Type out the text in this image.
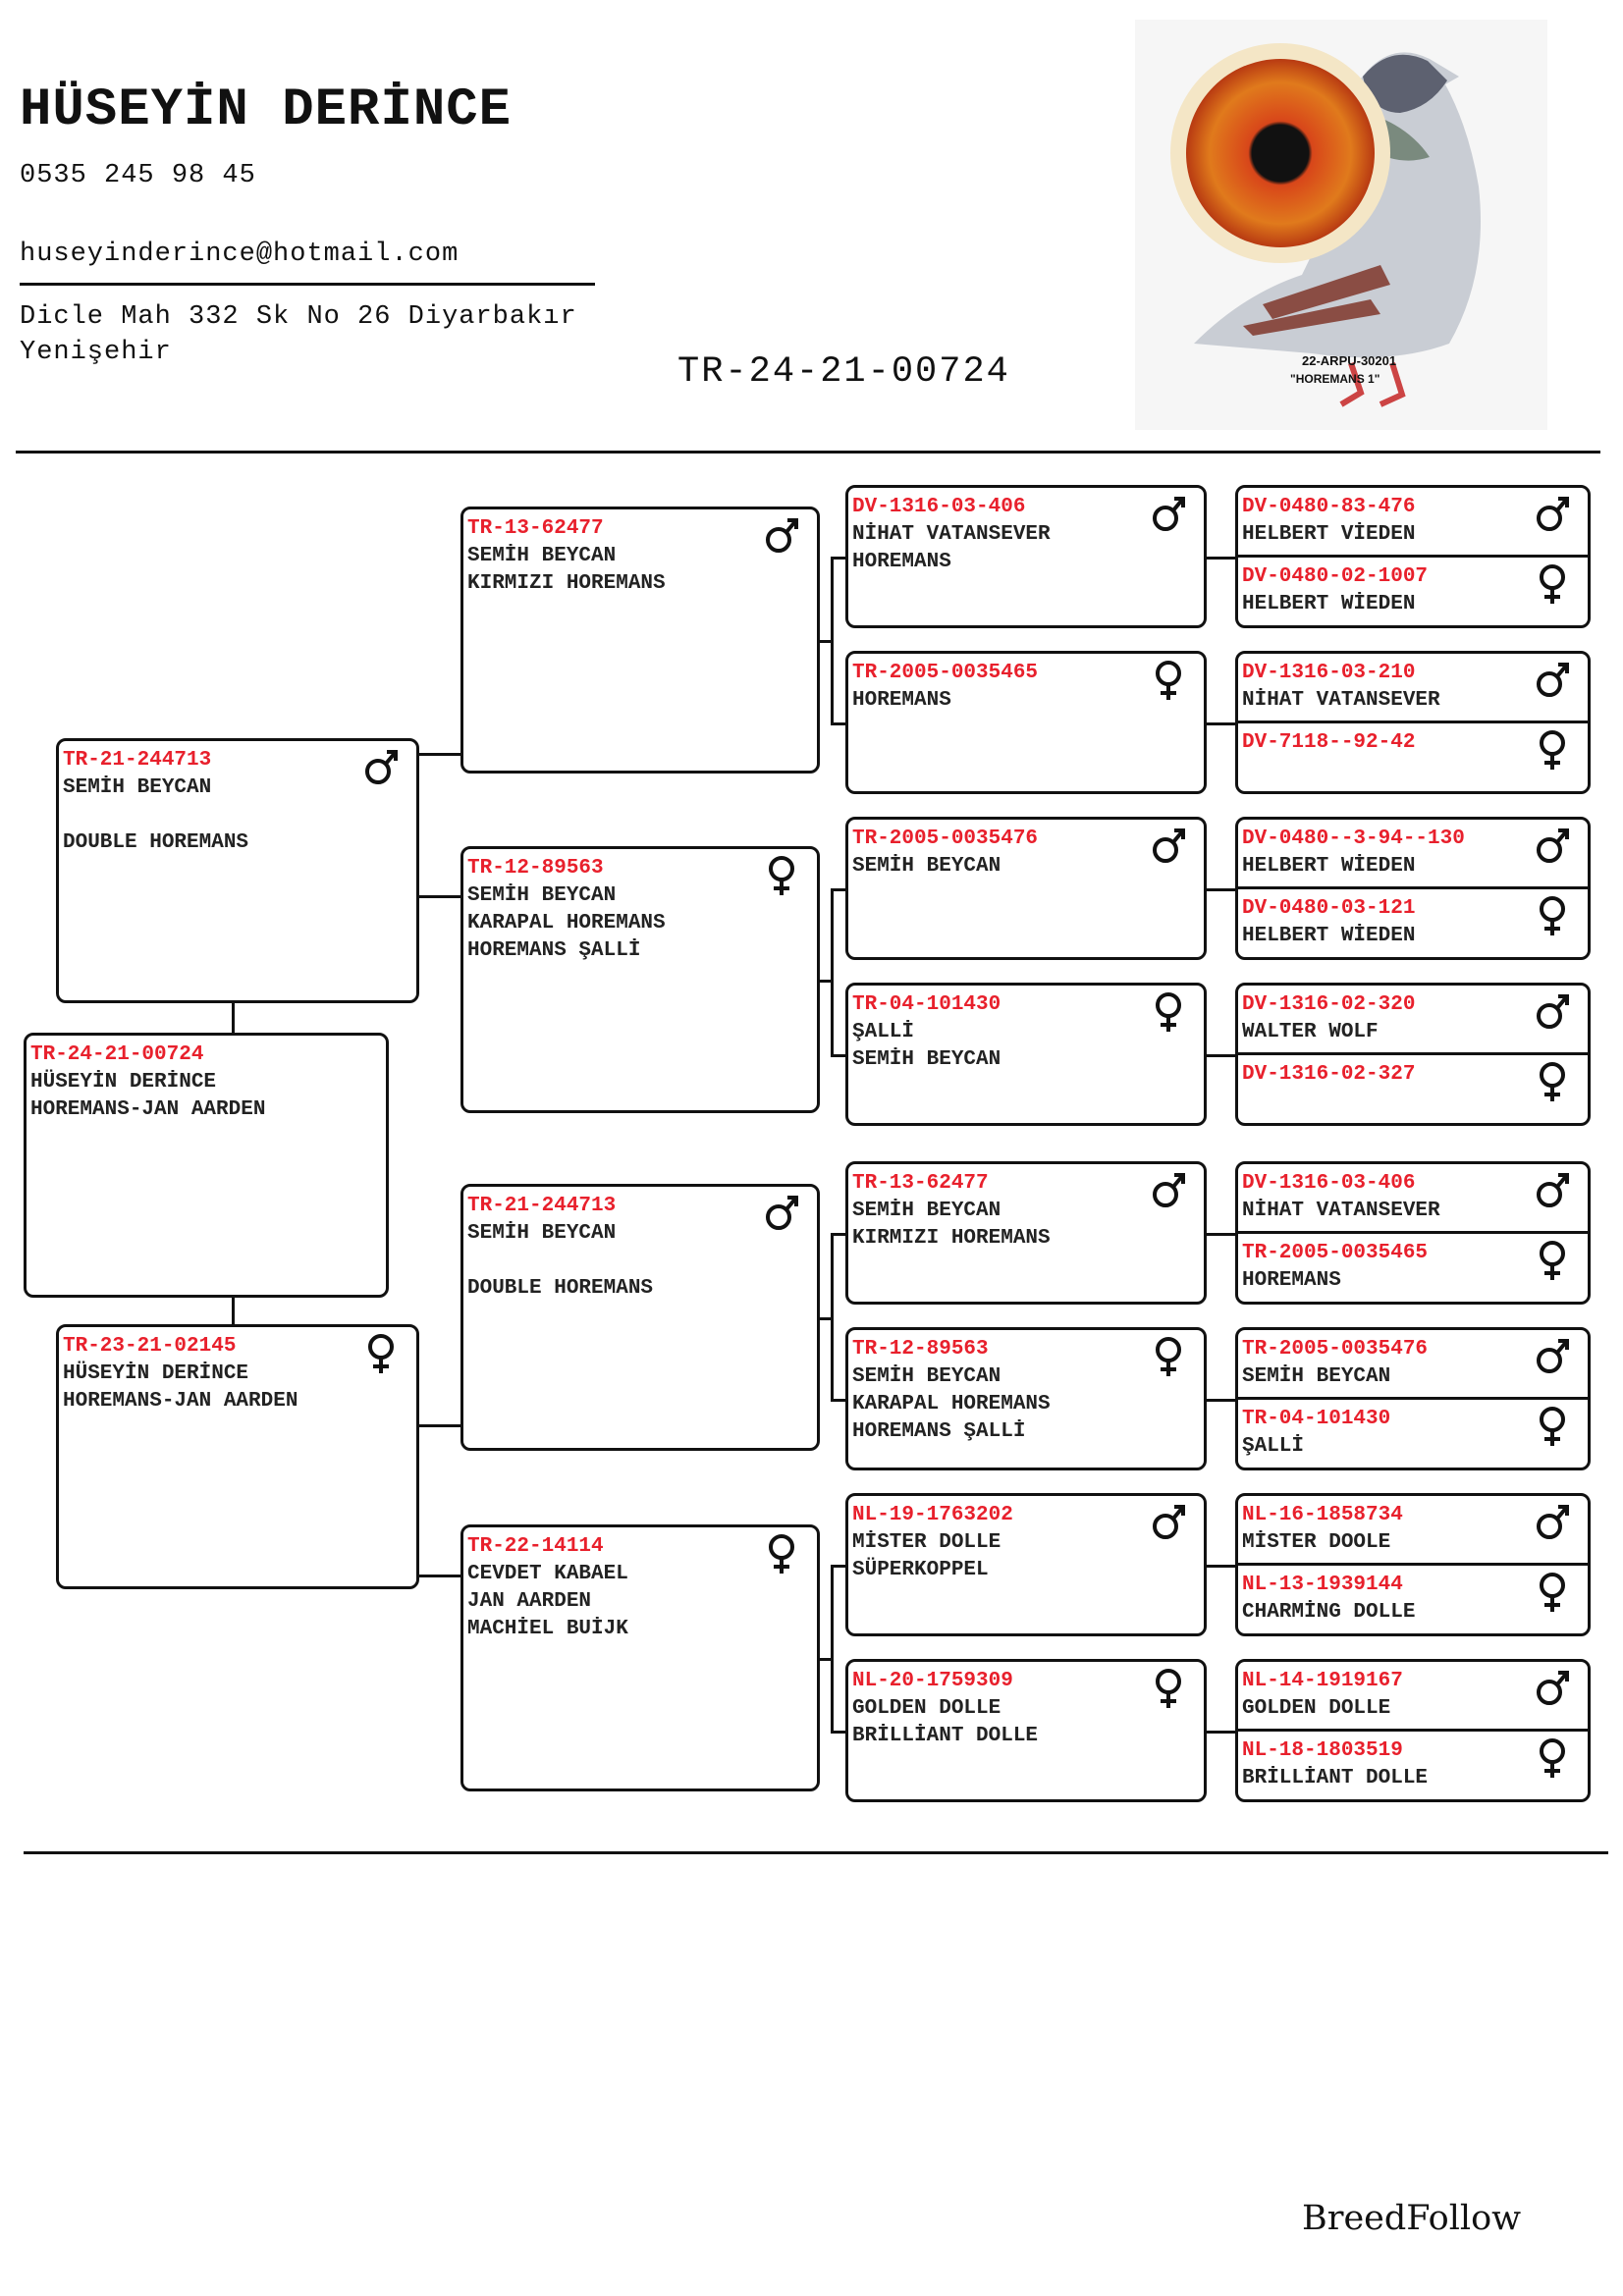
HÜSEYİN DERİNCE
0535 245 98 45
huseyinderince@hotmail.com
Dicle Mah 332 Sk No 26 Diyarbakır
Yenişehir	TR-24-21-00724	22-ARPU-30201
"HOREMANS 1"
TR-24-21-00724
HÜSEYİN DERİNCE
HOREMANS-JAN AARDEN
TR-21-244713
SEMİH BEYCAN

DOUBLE HOREMANS
TR-23-21-02145
HÜSEYİN DERİNCE
HOREMANS-JAN AARDEN
TR-13-62477
SEMİH BEYCAN
KIRMIZI HOREMANS
TR-12-89563
SEMİH BEYCAN
KARAPAL HOREMANS
HOREMANS ŞALLİ
TR-21-244713
SEMİH BEYCAN

DOUBLE HOREMANS
TR-22-14114
CEVDET KABAEL
JAN AARDEN
MACHİEL BUİJK
DV-1316-03-406
NİHAT VATANSEVER
HOREMANS
TR-2005-0035465
HOREMANS
TR-2005-0035476
SEMİH BEYCAN
TR-04-101430
ŞALLİ
SEMİH BEYCAN
TR-13-62477
SEMİH BEYCAN
KIRMIZI HOREMANS
TR-12-89563
SEMİH BEYCAN
KARAPAL HOREMANS
HOREMANS ŞALLİ
NL-19-1763202
MİSTER DOLLE
SÜPERKOPPEL
NL-20-1759309
GOLDEN DOLLE
BRİLLİANT DOLLE
DV-0480-83-476
HELBERT VİEDEN
DV-0480-02-1007
HELBERT WİEDEN
DV-1316-03-210
NİHAT VATANSEVER
DV-7118--92-42
DV-0480--3-94--130
HELBERT WİEDEN
DV-0480-03-121
HELBERT WİEDEN
DV-1316-02-320
WALTER WOLF
DV-1316-02-327
DV-1316-03-406
NİHAT VATANSEVER
TR-2005-0035465
HOREMANS
TR-2005-0035476
SEMİH BEYCAN
TR-04-101430
ŞALLİ
NL-16-1858734
MİSTER DOOLE
NL-13-1939144
CHARMİNG DOLLE
NL-14-1919167
GOLDEN DOLLE
NL-18-1803519
BRİLLİANT DOLLE
BreedFollow
